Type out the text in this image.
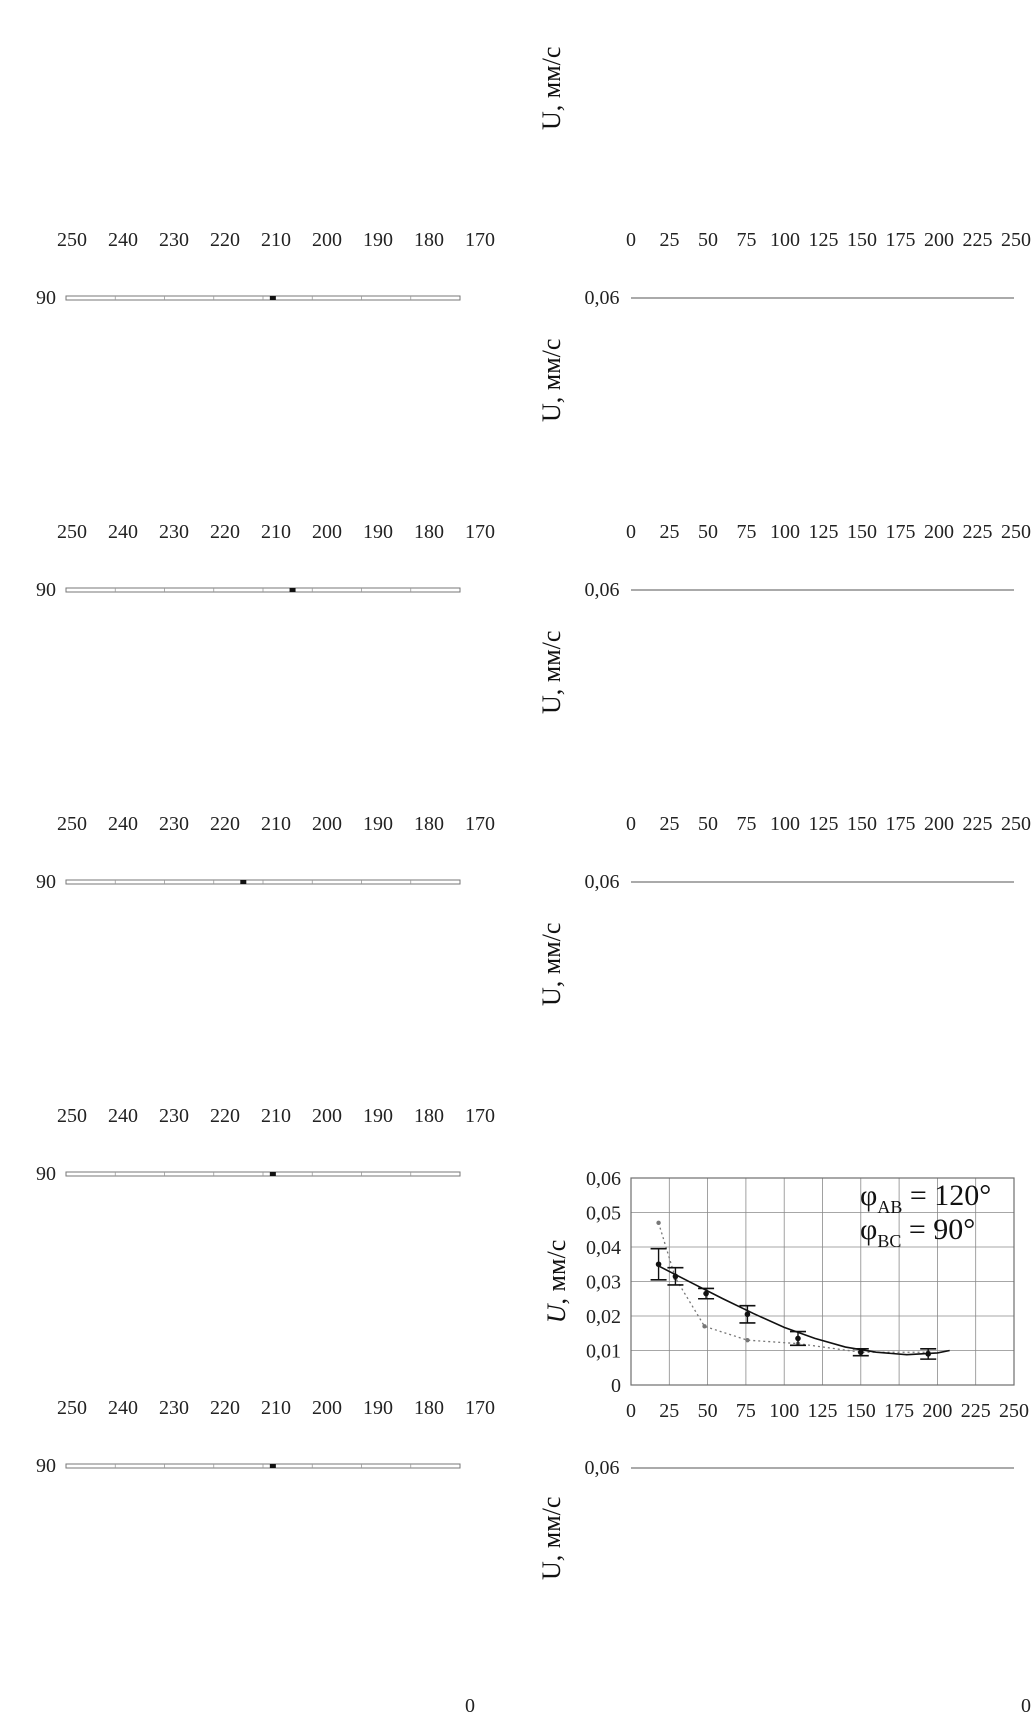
250 240 230 220 210 200 190 180 170
90
250 240 230 220 210 200 190 180 170
90
250 240 230 220 210 200 190 180 170
90
250 240 230 220 210 200 190 180 170
90
250 240 230 220 210 200 190 180 170
90
0
0 25 50 75 100 125 150 175 200 225 250
0,06
0 25 50 75 100 125 150 175 200 225 250
0,06
0 25 50 75 100 125 150 175 200 225 250
0,06
U, мм/с
U, мм/с
U, мм/с
U, мм/с
U, мм/с
0,06
0
0 25 50 75 100 125 150 175 200 225 250
0
0,01
0,02
0,03
0,04
0,05
0,06
U, мм/с
$\varphi_{AB} = 120^\circ$
$\varphi_{BC} = 90^\circ$
